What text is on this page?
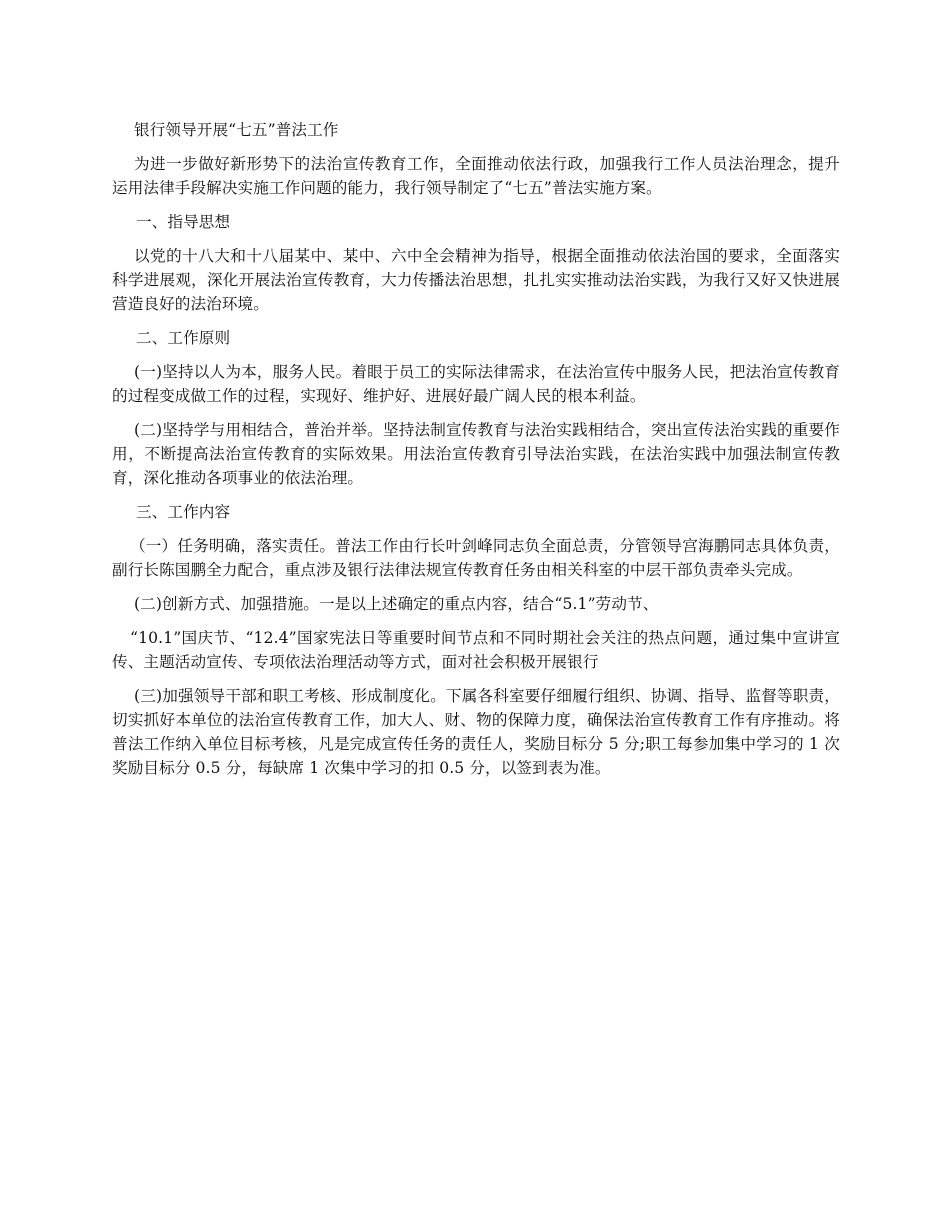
银行领导开展“七五”普法工作

为进一步做好新形势下的法治宣传教育工作，全面推动依法行政，加强我行工作人员法治理念，提升运用法律手段解决实施工作问题的能力，我行领导制定了“七五”普法实施方案。

一、指导思想

以党的十八大和十八届某中、某中、六中全会精神为指导，根据全面推动依法治国的要求，全面落实科学进展观，深化开展法治宣传教育，大力传播法治思想，扎扎实实推动法治实践，为我行又好又快进展营造良好的法治环境。

二、工作原则

(一)坚持以人为本，服务人民。着眼于员工的实际法律需求，在法治宣传中服务人民，把法治宣传教育的过程变成做工作的过程，实现好、维护好、进展好最广阔人民的根本利益。

(二)坚持学与用相结合，普治并举。坚持法制宣传教育与法治实践相结合，突出宣传法治实践的重要作用，不断提高法治宣传教育的实际效果。用法治宣传教育引导法治实践，在法治实践中加强法制宣传教育，深化推动各项事业的依法治理。

三、工作内容

（一）任务明确，落实责任。普法工作由行长叶剑峰同志负全面总责，分管领导宫海鹏同志具体负责，副行长陈国鹏全力配合，重点涉及银行法律法规宣传教育任务由相关科室的中层干部负责牵头完成。

(二)创新方式、加强措施。一是以上述确定的重点内容，结合“5.1”劳动节、

“10.1”国庆节、“12.4”国家宪法日等重要时间节点和不同时期社会关注的热点问题，通过集中宣讲宣传、主题活动宣传、专项依法治理活动等方式，面对社会积极开展银行

(三)加强领导干部和职工考核、形成制度化。下属各科室要仔细履行组织、协调、指导、监督等职责，切实抓好本单位的法治宣传教育工作，加大人、财、物的保障力度，确保法治宣传教育工作有序推动。将普法工作纳入单位目标考核，凡是完成宣传任务的责任人，奖励目标分 5 分;职工每参加集中学习的 1 次奖励目标分 0.5 分，每缺席 1 次集中学习的扣 0.5 分，以签到表为准。
